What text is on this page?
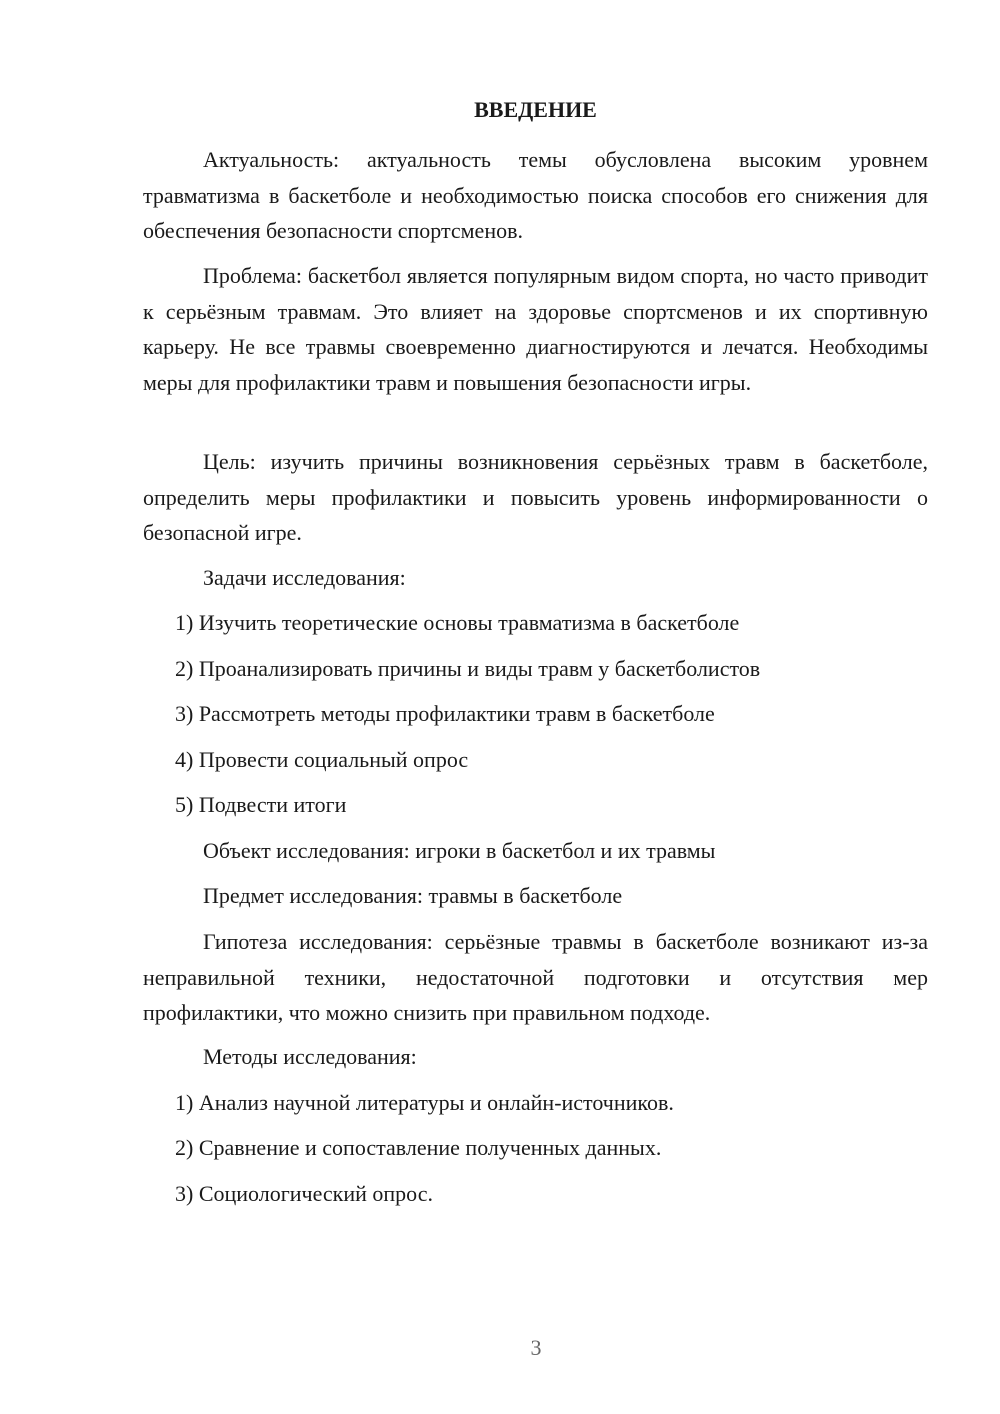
ВВЕДЕНИЕ

Актуальность: актуальность темы обусловлена высоким уровнем травматизма в баскетболе и необходимостью поиска способов его снижения для обеспечения безопасности спортсменов.

Проблема: баскетбол является популярным видом спорта, но часто приводит к серьёзным травмам. Это влияет на здоровье спортсменов и их спортивную карьеру. Не все травмы своевременно диагностируются и лечатся. Необходимы меры для профилактики травм и повышения безопасности игры.

Цель: изучить причины возникновения серьёзных травм в баскетболе, определить меры профилактики и повысить уровень информированности о безопасной игре.

Задачи исследования:
1) Изучить теоретические основы травматизма в баскетболе
2) Проанализировать причины и виды травм у баскетболистов
3) Рассмотреть методы профилактики травм в баскетболе
4) Провести социальный опрос
5) Подвести итоги
Объект исследования: игроки в баскетбол и их травмы
Предмет исследования: травмы в баскетболе

Гипотеза исследования: серьёзные травмы в баскетболе возникают из-за неправильной техники, недостаточной подготовки и отсутствия мер профилактики, что можно снизить при правильном подходе.

Методы исследования:
1) Анализ научной литературы и онлайн-источников.
2) Сравнение и сопоставление полученных данных.
3) Социологический опрос.
3
